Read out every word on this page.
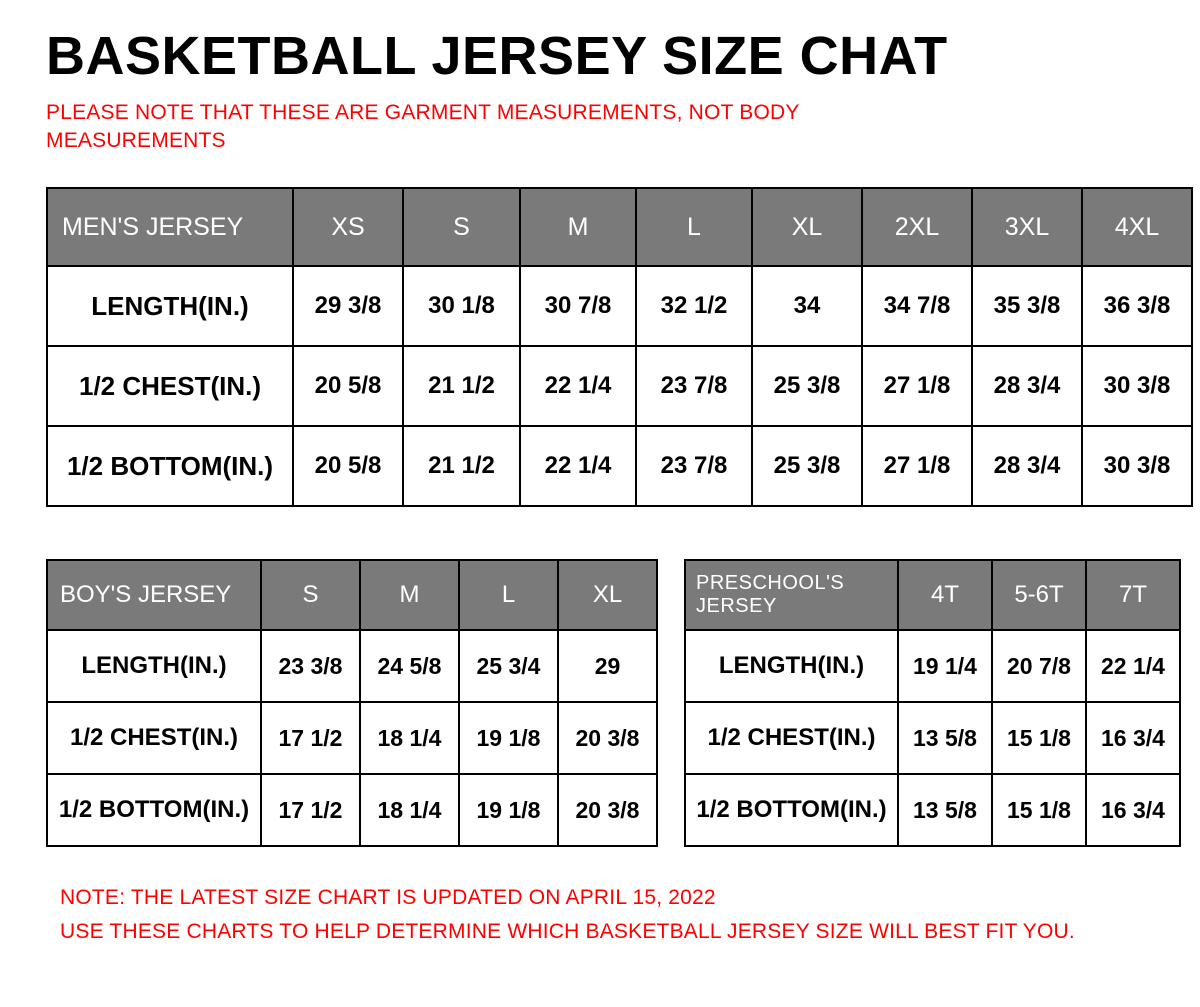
BASKETBALL JERSEY SIZE CHAT

PLEASE NOTE THAT THESE ARE GARMENT MEASUREMENTS, NOT BODY MEASUREMENTS

MEN'S JERSEY	XS	S	M	L	XL	2XL	3XL	4XL
LENGTH(IN.)	29 3/8	30 1/8	30 7/8	32 1/2	34	34 7/8	35 3/8	36 3/8
1/2 CHEST(IN.)	20 5/8	21 1/2	22 1/4	23 7/8	25 3/8	27 1/8	28 3/4	30 3/8
1/2 BOTTOM(IN.)	20 5/8	21 1/2	22 1/4	23 7/8	25 3/8	27 1/8	28 3/4	30 3/8
BOY'S JERSEY	S	M	L	XL
LENGTH(IN.)	23 3/8	24 5/8	25 3/4	29
1/2 CHEST(IN.)	17 1/2	18 1/4	19 1/8	20 3/8
1/2 BOTTOM(IN.)	17 1/2	18 1/4	19 1/8	20 3/8
PRESCHOOL'S JERSEY	4T	5-6T	7T
LENGTH(IN.)	19 1/4	20 7/8	22 1/4
1/2 CHEST(IN.)	13 5/8	15 1/8	16 3/4
1/2 BOTTOM(IN.)	13 5/8	15 1/8	16 3/4
NOTE: THE LATEST SIZE CHART IS UPDATED ON APRIL 15, 2022
USE THESE CHARTS TO HELP DETERMINE WHICH BASKETBALL JERSEY SIZE WILL BEST FIT YOU.
